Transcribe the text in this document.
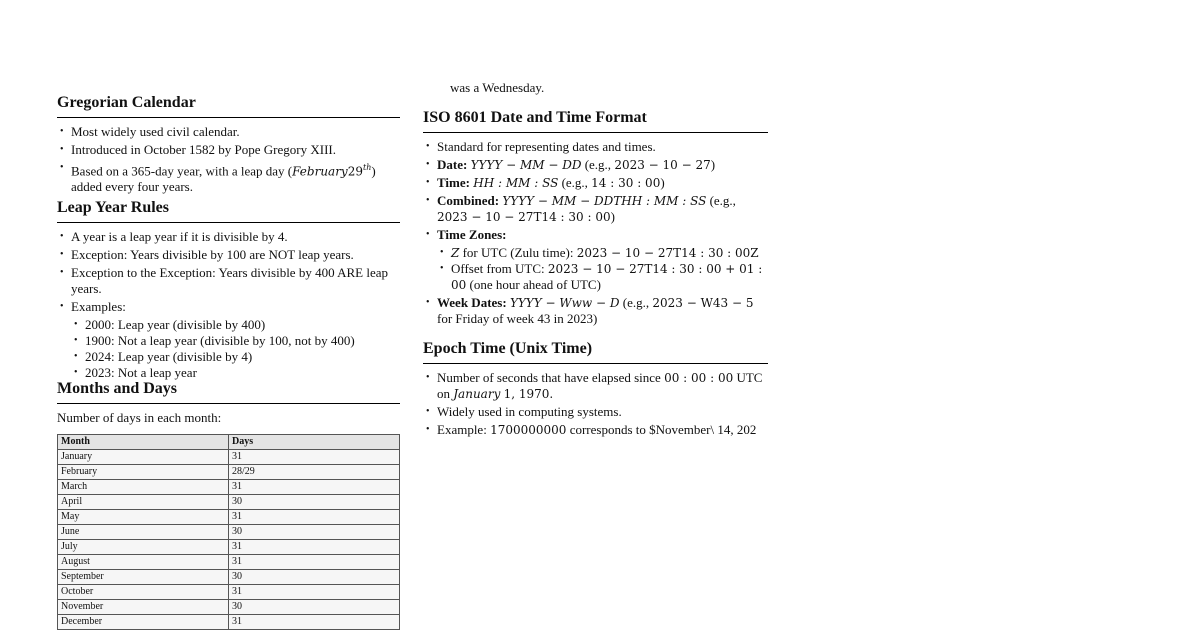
Gregorian Calendar
• Most widely used civil calendar.
• Introduced in October 1582 by Pope Gregory XIII.
• Based on a 365-day year, with a leap day (February29th)
added every four years.
Leap Year Rules
• A year is a leap year if it is divisible by 4.
• Exception: Years divisible by 100 are NOT leap years.
• Exception to the Exception: Years divisible by 400 ARE leap years.
• Examples:
• 2000: Leap year (divisible by 400)
• 1900: Not a leap year (divisible by 100, not by 400)
• 2024: Leap year (divisible by 4)
• 2023: Not a leap year
Months and Days

Number of days in each month:

Month	Days
January	31
February	28/29
March	31
April	30
May	31
June	30
July	31
August	31
September	30
October	31
November	30
December	31
was a Wednesday.
ISO 8601 Date and Time Format
• Standard for representing dates and times.
• Date: YYYY − MM − DD (e.g., 2023 − 10 − 27)
• Time: HH : MM : SS (e.g., 14 : 30 : 00)
• Combined: YYYY − MM − DDTHH : MM : SS (e.g.,
2023 − 10 − 27T14 : 30 : 00)
• Time Zones:
• Z for UTC (Zulu time): 2023 − 10 − 27T14 : 30 : 00Z
• Offset from UTC: 2023 − 10 − 27T14 : 30 : 00 + 01 :
00 (one hour ahead of UTC)
• Week Dates: YYYY − Www − D (e.g., 2023 − W43 − 5
for Friday of week 43 in 2023)
Epoch Time (Unix Time)
• Number of seconds that have elapsed since 00 : 00 : 00 UTC
on January 1, 1970.
• Widely used in computing systems.
• Example: 1700000000 corresponds to $November\ 14, 202
